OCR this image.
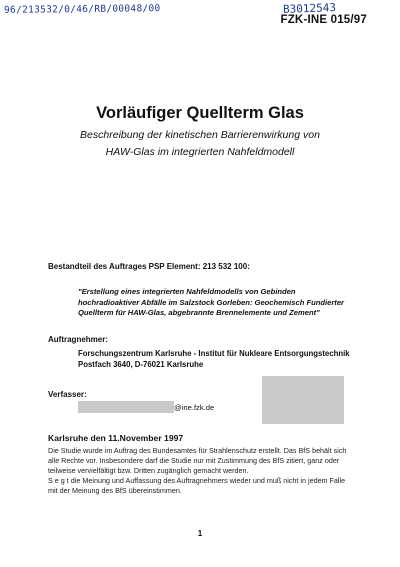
96/213532/0/46/RB/00048/00	B3012543
FZK-INE 015/97
Vorläufiger Quellterm Glas
Beschreibung der kinetischen Barrierenwirkung von
HAW-Glas im integrierten Nahfeldmodell
Bestandteil des Auftrages PSP Element: 213 532 100:
"Erstellung eines integrierten Nahfeldmodells von Gebinden
hochradioaktiver Abfälle im Salzstock Gorleben: Geochemisch Fundierter
Quellterm für HAW-Glas, abgebrannte Brennelemente und Zement"
Auftragnehmer:
Forschungszentrum Karlsruhe - Institut für Nukleare Entsorgungstechnik
Postfach 3640, D-76021 Karlsruhe
Verfasser:
@ine.fzk.de
Karlsruhe den 11.November 1997

Die Studie wurde im Auftrag des Bundesamtes für Strahlenschutz erstellt. Das BfS behält sich

alle Rechte vor. Insbesondere darf die Studie nur mit Zustimmung des BfS zitiert, ganz oder

teilweise vervielfältigt bzw. Dritten zugänglich gemacht werden.

S e g t die Meinung und Auffassung des Auftragnehmers wieder und muß nicht in jedem Falle

mit der Meinung des BfS übereinstimmen.

1
